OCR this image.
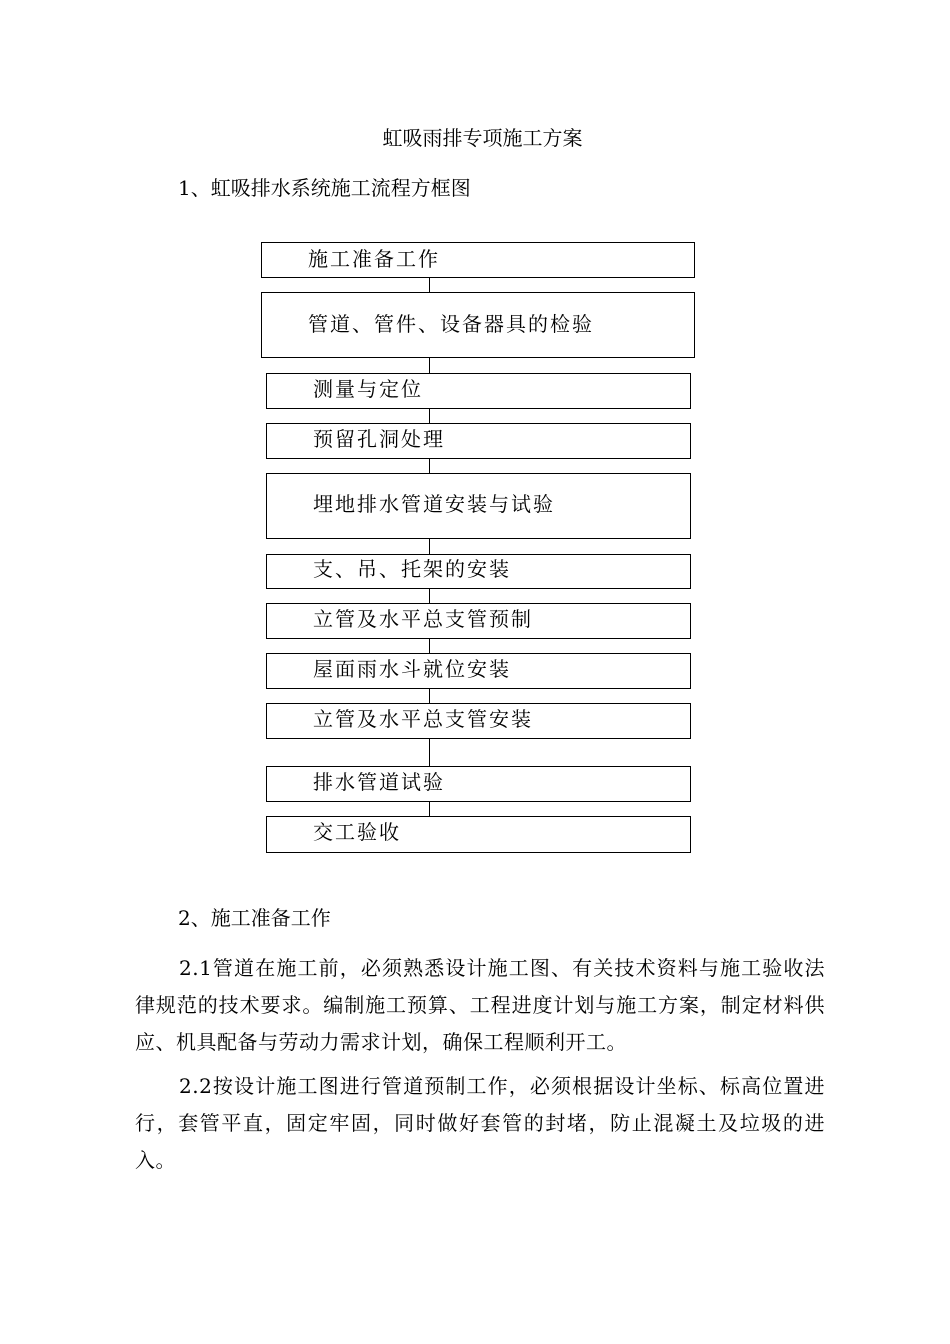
虹吸雨排专项施工方案
1、虹吸排水系统施工流程方框图
施工准备工作
管道、管件、设备器具的检验
测量与定位
预留孔洞处理
埋地排水管道安装与试验
支、吊、托架的安装
立管及水平总支管预制
屋面雨水斗就位安装
立管及水平总支管安装
排水管道试验
交工验收
2、施工准备工作
2.1管道在施工前，必须熟悉设计施工图、有关技术资料与施工验收法律规范的技术要求。编制施工预算、工程进度计划与施工方案，制定材料供应、机具配备与劳动力需求计划，确保工程顺利开工。
2.2按设计施工图进行管道预制工作，必须根据设计坐标、标高位置进行，套管平直，固定牢固，同时做好套管的封堵，防止混凝土及垃圾的进入。
